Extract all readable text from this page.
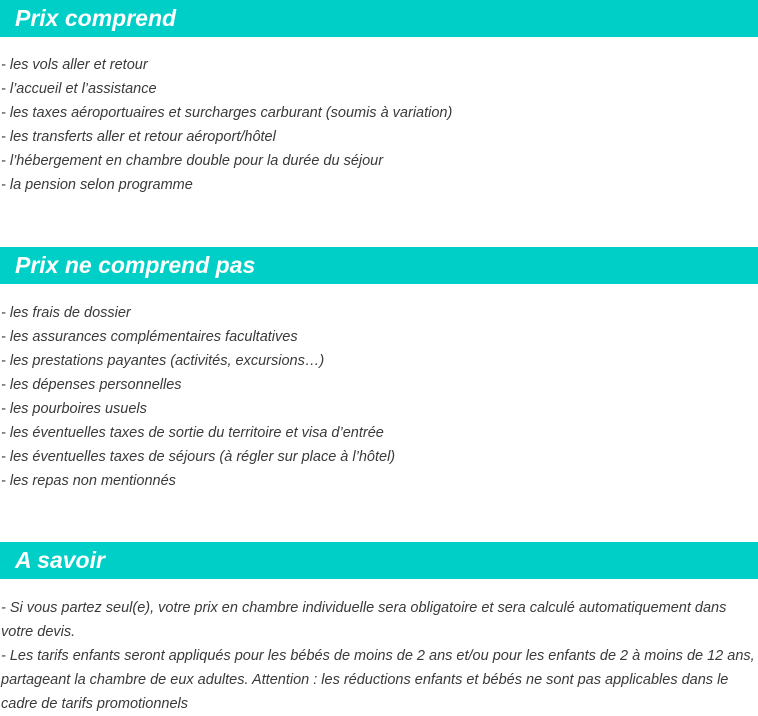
Prix comprend
- les vols aller et retour
- l’accueil et l’assistance
- les taxes aéroportuaires et surcharges carburant (soumis à variation)
- les transferts aller et retour aéroport/hôtel
- l’hébergement en chambre double pour la durée du séjour
- la pension selon programme
Prix ne comprend pas
- les frais de dossier
- les assurances complémentaires facultatives
- les prestations payantes (activités, excursions…)
- les dépenses personnelles
- les pourboires usuels
- les éventuelles taxes de sortie du territoire et visa d’entrée
- les éventuelles taxes de séjours (à régler sur place à l’hôtel)
- les repas non mentionnés
A savoir

- Si vous partez seul(e), votre prix en chambre individuelle sera obligatoire et sera calculé automatiquement dans votre devis.

- Les tarifs enfants seront appliqués pour les bébés de moins de 2 ans et/ou pour les enfants de 2 à moins de 12 ans, partageant la chambre de eux adultes. Attention : les réductions enfants et bébés ne sont pas applicables dans le cadre de tarifs promotionnels
